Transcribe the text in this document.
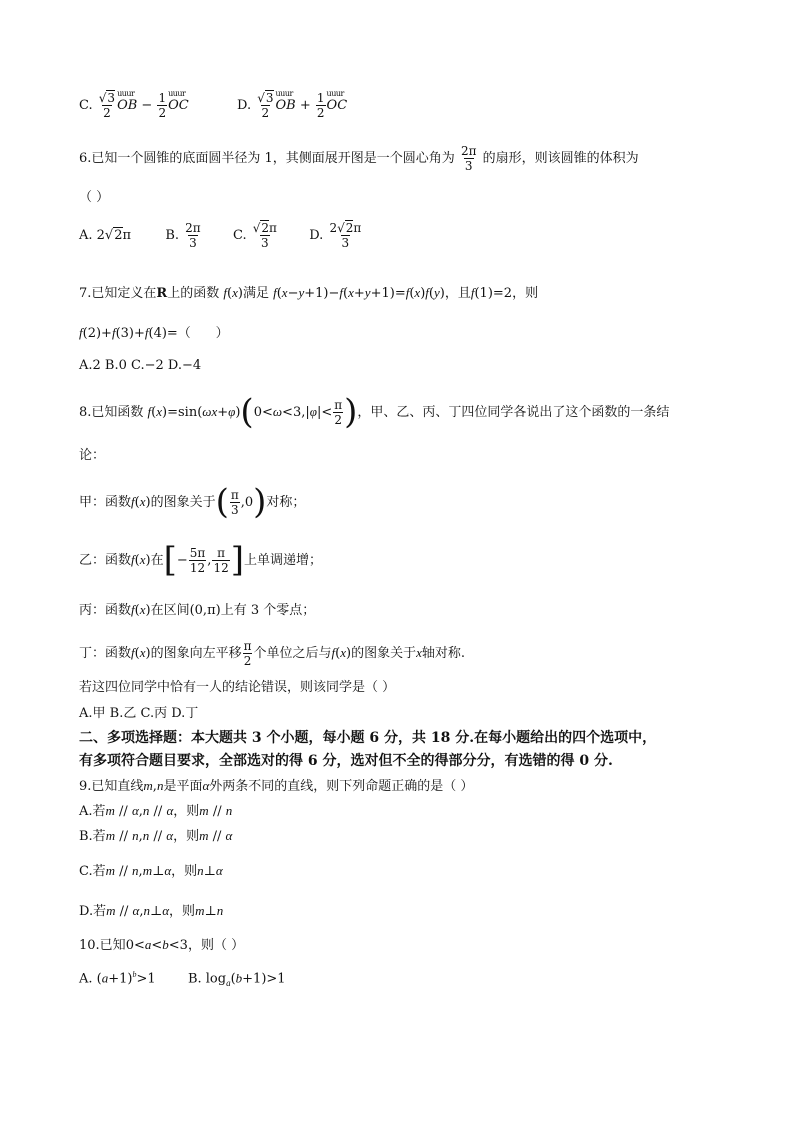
C. $\frac{√3}{2}$ uuur OB − $\frac{1}{2}$ uuur OC	D. $\frac{√3}{2}$ uuur OB + $\frac{1}{2}$ uuur OC
6.已知一个圆锥的底面圆半径为 1，其侧面展开图是一个圆心角为 $\frac{2\pi}{3}$ 的扇形，则该圆锥的体积为
（ ）
A. 2√2π  B. $\frac{2\pi}{3} C$. $\frac{√2\pi}{3} D$. $\frac{2√2\pi}{3}$
7.已知定义在R上的函数 f(x)满足 f(x−y+1)−f(x+y+1)=f(x)f(y)，且f(1)=2，则
f(2)+f(3)+f(4)=（      ）
A.2 B.0 C.−2 D.−4
8.已知函数 $f(x)=\sin(\omega x+\varphi)(0<\omega<3,|\varphi|< \frac{\pi}{2}$ )，甲、乙、丙、丁四位同学各说出了这个函数的一条结
论：
甲：函数f(x)的图象关于( $\frac{\pi}{3} ,0$)对称；
乙：函数f(x)在[− $\frac{5\pi}{12}$ , $\frac{\pi}{12}$ ]上单调递增；
丙：函数f(x)在区间(0,π)上有 3 个零点；
丁：函数f(x)的图象向左平移 $\frac{\pi}{2}$ 个单位之后与f(x)的图象关于x轴对称.
若这四位同学中恰有一人的结论错误，则该同学是（ ）
A.甲 B.乙 C.丙 D.丁
二、多项选择题：本大题共 3 个小题，每小题 6 分，共 18 分.在每小题给出的四个选项中，
有多项符合题目要求，全部选对的得 6 分，选对但不全的得部分分，有选错的得 0 分.
9.已知直线m,n是平面α外两条不同的直线，则下列命题正确的是（ ）
A.若m // α,n // α，则m // n
B.若m // n,n // α，则m // α
C.若m // n,m⊥α，则n⊥α
D.若m // α,n⊥α，则m⊥n
10.已知0<a<b<3，则（ ）
A. $(a+1)^b>1$  B. $\log_a(b+1)>1$
